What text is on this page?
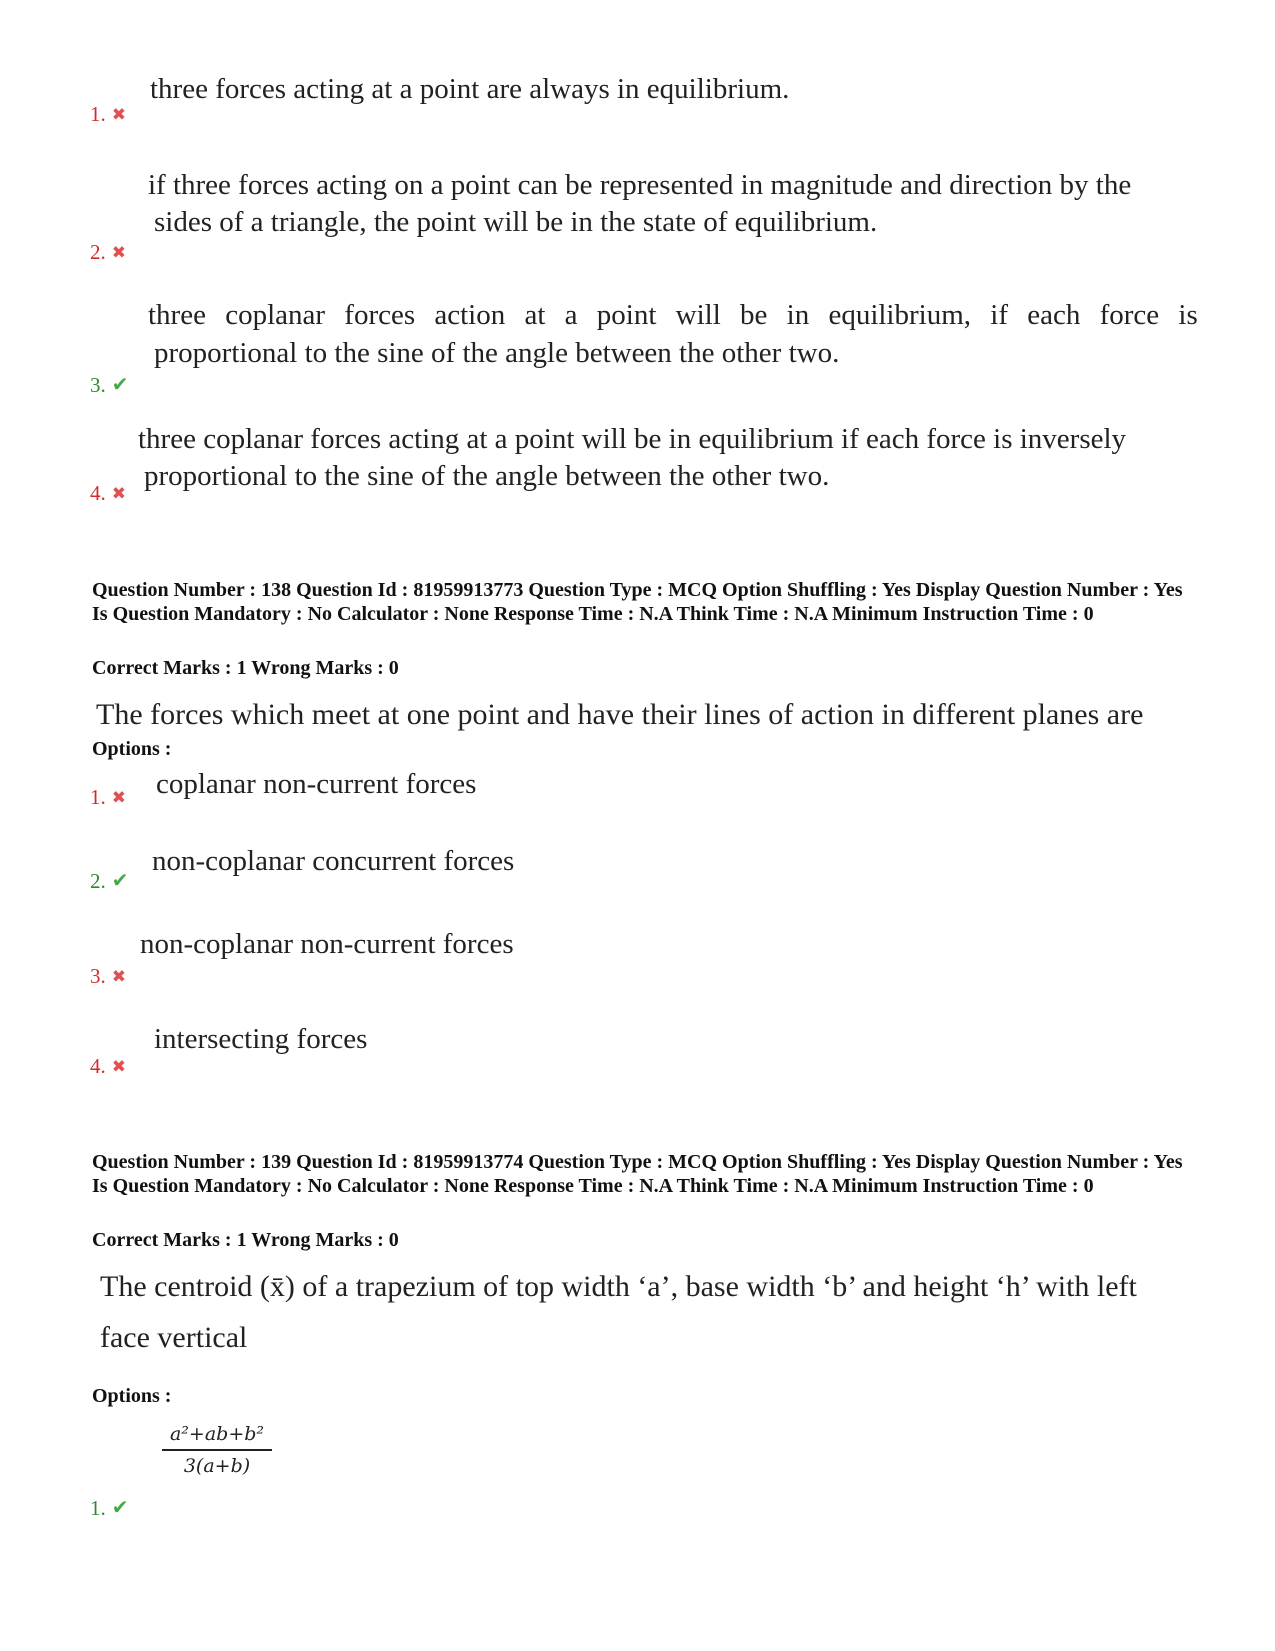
three forces acting at a point are always in equilibrium.
1. ✖
if three forces acting on a point can be represented in magnitude and direction by the
sides of a triangle, the point will be in the state of equilibrium.
2. ✖
three coplanar forces action at a point will be in equilibrium, if each force is
proportional to the sine of the angle between the other two.
3. ✔
three coplanar forces acting at a point will be in equilibrium if each force is inversely
proportional to the sine of the angle between the other two.
4. ✖
Question Number : 138 Question Id : 81959913773 Question Type : MCQ Option Shuffling : Yes Display Question Number : Yes Is Question Mandatory : No Calculator : None Response Time : N.A Think Time : N.A Minimum Instruction Time : 0
Correct Marks : 1 Wrong Marks : 0
The forces which meet at one point and have their lines of action in different planes are
Options :
coplanar non-current forces
1. ✖
non-coplanar concurrent forces
2. ✔
non-coplanar non-current forces
3. ✖
intersecting forces
4. ✖
Question Number : 139 Question Id : 81959913774 Question Type : MCQ Option Shuffling : Yes Display Question Number : Yes Is Question Mandatory : No Calculator : None Response Time : N.A Think Time : N.A Minimum Instruction Time : 0
Correct Marks : 1 Wrong Marks : 0
The centroid (x̄) of a trapezium of top width ‘a’, base width ‘b’ and height ‘h’ with left
face vertical
Options :
$\frac{\text{a²+ab+b²}}{3(a+b)}$
1. ✔
